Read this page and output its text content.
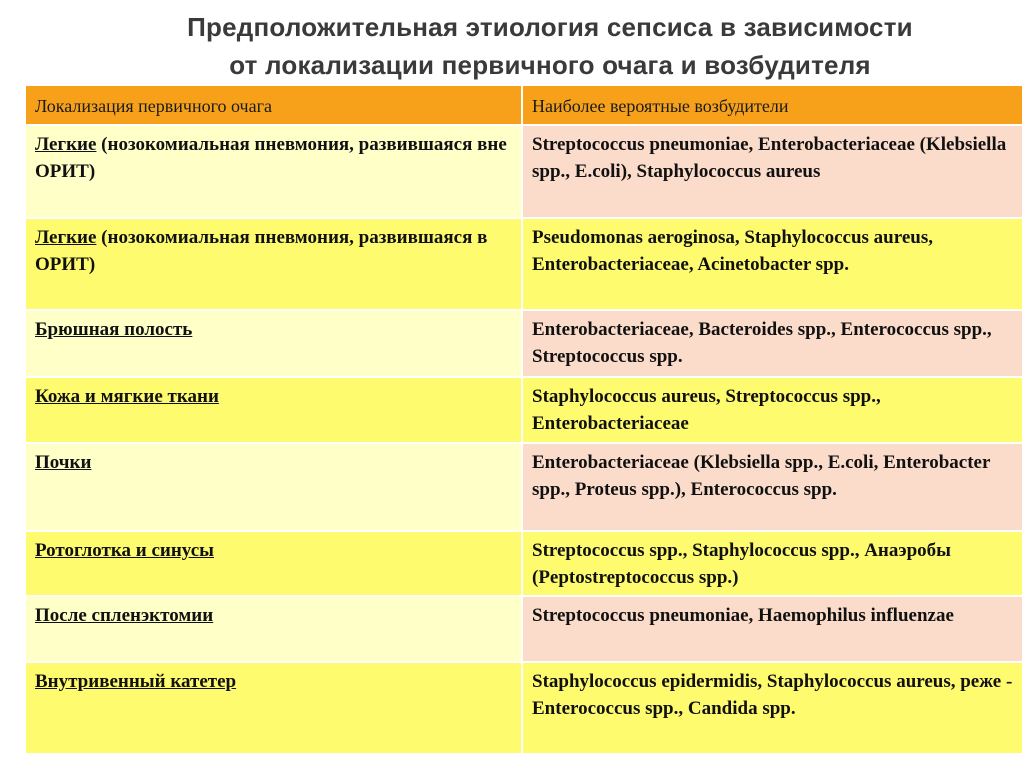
Предположительная этиология сепсиса в зависимости
от локализации первичного очага и возбудителя
Локализация первичного очага	Наиболее вероятные возбудители
Легкие (нозокомиальная пневмония, развившаяся вне ОРИТ)	Streptococcus pneumoniae, Enterobacteriaceae (Klebsiella spp., E.coli), Staphylococcus aureus
Легкие (нозокомиальная пневмония, развившаяся в ОРИТ)	Pseudomonas aeroginosa, Staphylococcus aureus, Enterobacteriaceae, Acinetobacter spp.
Брюшная полость	Enterobacteriaceae, Bacteroides spp., Enterococcus spp., Streptococcus spp.
Кожа и мягкие ткани	Staphylococcus aureus, Streptococcus spp., Enterobacteriaceae
Почки	Enterobacteriaceae (Klebsiella spp., E.coli, Enterobacter spp., Proteus spp.), Enterococcus spp.
Ротоглотка и синусы	Streptococcus spp., Staphylococcus spp., Анаэробы (Peptostreptococcus spp.)
После спленэктомии	Streptococcus pneumoniae, Haemophilus influenzae
Внутривенный катетер	Staphylococcus epidermidis, Staphylococcus aureus, реже - Enterococcus spp., Candida spp.
